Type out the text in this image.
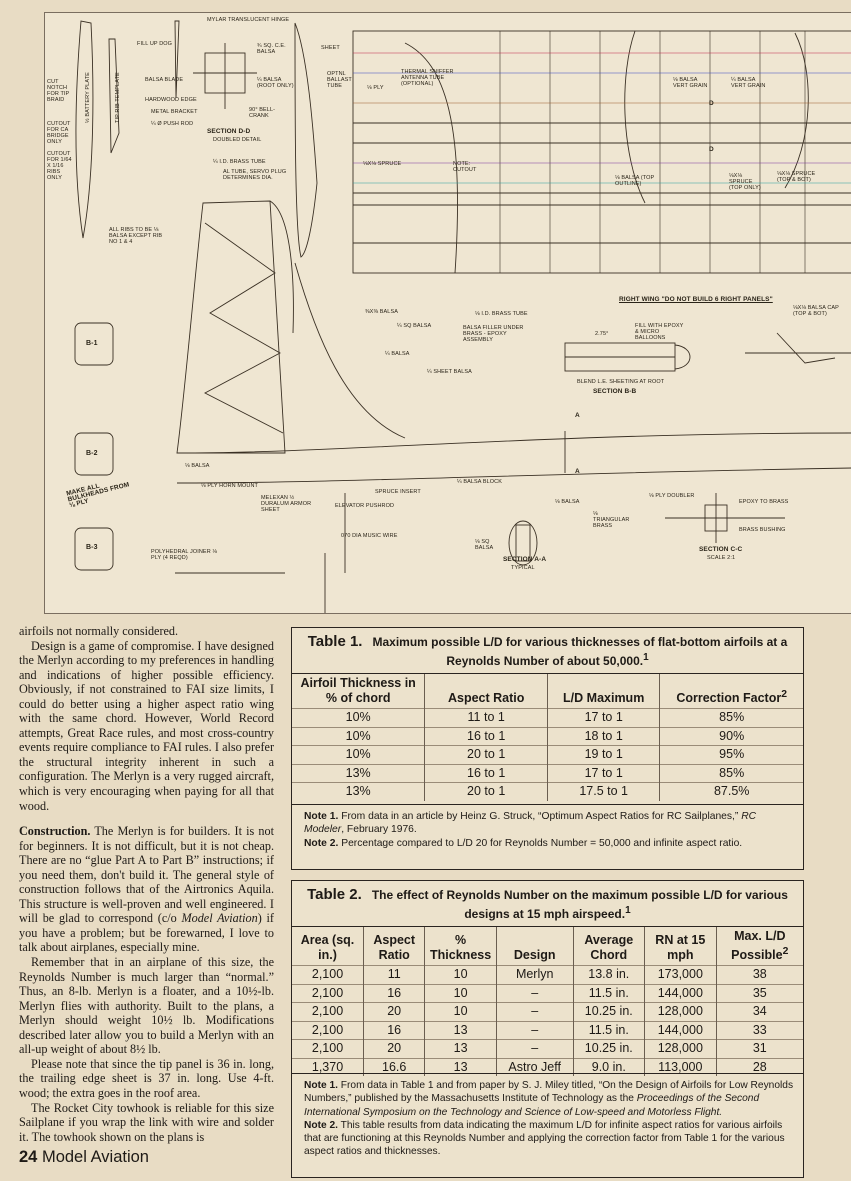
MYLAR TRANSLUCENT HINGE
FILL UP DOG	¾ SQ. C.E. BALSA
BALSA BLADE
HARDWOOD EDGE
METAL BRACKET
¼ Ø PUSH ROD
¼ BALSA (ROOT ONLY)
90° BELL-CRANK
SECTION D-D
DOUBLED DETAIL
¼ I.D. BRASS TUBE
AL TUBE, SERVO PLUG DETERMINES DIA.
TIP RIB TEMPLATE
½ BATTERY PLATE
CUT NOTCH FOR TIP BRAID
CUTOUT FOR CA BRIDGE ONLY
CUTOUT FOR 1/64 X 1/16 RIBS ONLY
ALL RIBS TO BE ⅛ BALSA EXCEPT RIB NO 1 & 4
SHEET
OPTNL BALLAST TUBE	⅛ PLY
THERMAL SNIFFER ANTENNA TUBE (OPTIONAL)
⅛X⅛ SPRUCE	NOTE: CUTOUT
⅛ BALSA VERT GRAIN
¼ BALSA VERT GRAIN
⅛ BALSA (TOP OUTLINE)
⅛X⅛ SPRUCE (TOP ONLY)
⅛X⅛ SPRUCE (TOP & BOT)
RIGHT WING "DO NOT BUILD 6 RIGHT PANELS"
⅛X⅛ BALSA CAP (TOP & BOT)
⅜X⅜ BALSA
¼ SQ BALSA
⅛ I.D. BRASS TUBE
BALSA FILLER UNDER BRASS - EPOXY ASSEMBLY
FILL WITH EPOXY & MICRO BALLOONS
BLEND L.E. SHEETING AT ROOT
SECTION B-B
¼ BALSA
¼ SHEET BALSA
¼ BALSA BLOCK
⅛ BALSA
⅛ PLY HORN MOUNT
MELEXAN ½ DURALUM ARMOR SHEET
SPRUCE INSERT
ELEVATOR PUSHROD
070 DIA MUSIC WIRE
⅛ BALSA
⅛ TRIANGULAR BRASS
⅛ SQ BALSA
SECTION A-A
TYPICAL
⅛ PLY DOUBLER
EPOXY TO BRASS
BRASS BUSHING
SECTION C-C
SCALE 2:1
POLYHEDRAL JOINER ⅛ PLY (4 REQD)
MAKE ALL BULKHEADS FROM ⅛ PLY
2.75°
B-1
B-2
B-3
A
A
D
D

airfoils not normally considered.

Design is a game of compromise. I have designed the Merlyn according to my preferences in handling and indications of higher possible efficiency. Obviously, if not constrained to FAI size limits, I could do better using a higher aspect ratio wing with the same chord. However, World Record attempts, Great Race rules, and most cross-country events require compliance to FAI rules. I also prefer the structural integrity inherent in such a configuration. The Merlyn is a very rugged aircraft, which is very encouraging when paying for all that wood.

Construction. The Merlyn is for builders. It is not for beginners. It is not difficult, but it is not cheap. There are no “glue Part A to Part B” instructions; if you need them, don't build it. The general style of construction follows that of the Airtronics Aquila. This structure is well-proven and well engineered. I will be glad to correspond (c/o Model Aviation) if you have a problem; but be forewarned, I love to talk about airplanes, especially mine.

Remember that in an airplane of this size, the Reynolds Number is much larger than “normal.” Thus, an 8-lb. Merlyn is a floater, and a 10½-lb. Merlyn flies with authority. Built to the plans, a Merlyn should weight 10½ lb. Modifications described later allow you to build a Merlyn with an all-up weight of about 8½ lb.

Please note that since the tip panel is 36 in. long, the trailing edge sheet is 37 in. long. Use 4-ft. wood; the extra goes in the roof area.

The Rocket City towhook is reliable for this size Sailplane if you wrap the link with wire and solder it. The towhook shown on the plans is

Table 1. Maximum possible L/D for various thicknesses of flat-bottom airfoils at a Reynolds Number of about 50,000.$^1$
Airfoil Thickness in % of chord	Aspect Ratio	L/D Maximum	Correction Factor$^2$
10%	11 to 1	17 to 1	85%
10%	16 to 1	18 to 1	90%
10%	20 to 1	19 to 1	95%
13%	16 to 1	17 to 1	85%
13%	20 to 1	17.5 to 1	87.5%
Note 1. From data in an article by Heinz G. Struck, “Optimum Aspect Ratios for RC Sailplanes,” RC Modeler, February 1976.
Note 2. Percentage compared to L/D 20 for Reynolds Number = 50,000 and infinite aspect ratio.
Table 2. The effect of Reynolds Number on the maximum possible L/D for various designs at 15 mph airspeed.$^1$
Area (sq. in.)	Aspect Ratio	% Thickness	Design	Average Chord	RN at 15 mph	Max. L/D Possible$^2$
2,100	11	10	Merlyn	13.8 in.	173,000	38
2,100	16	10	–	11.5 in.	144,000	35
2,100	20	10	–	10.25 in.	128,000	34
2,100	16	13	–	11.5 in.	144,000	33
2,100	20	13	–	10.25 in.	128,000	31
1,370	16.6	13	Astro Jeff	9.0 in.	113,000	28
Note 1. From data in Table 1 and from paper by S. J. Miley titled, “On the Design of Airfoils for Low Reynolds Numbers,” published by the Massachusetts Institute of Technology as the Proceedings of the Second International Symposium on the Technology and Science of Low-speed and Motorless Flight.
Note 2. This table results from data indicating the maximum L/D for infinite aspect ratios for various airfoils that are functioning at this Reynolds Number and applying the correction factor from Table 1 for the various aspect ratios and thicknesses.
24 Model Aviation
